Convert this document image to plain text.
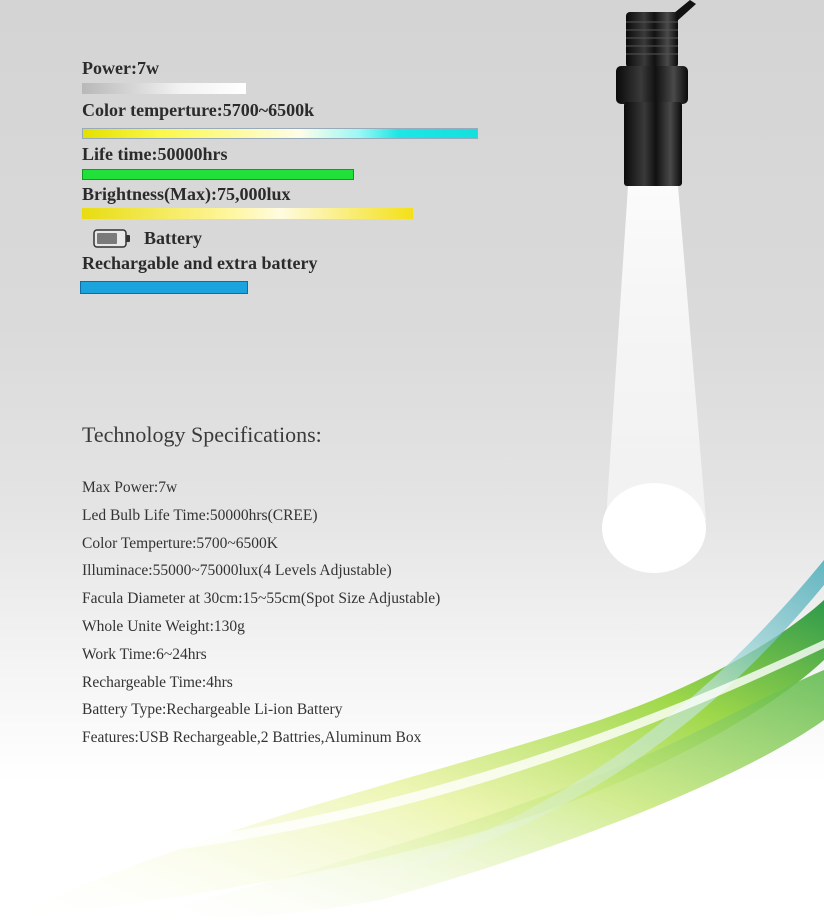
Power:7w
Color temperture:5700~6500k
Life time:50000hrs
Brightness(Max):75,000lux
Battery
Rechargable and extra battery
Technology Specifications:
Max Power:7w
Led Bulb Life Time:50000hrs(CREE)
Color Temperture:5700~6500K
Illuminace:55000~75000lux(4 Levels Adjustable)
Facula Diameter at 30cm:15~55cm(Spot Size Adjustable)
Whole Unite Weight:130g
Work Time:6~24hrs
Rechargeable Time:4hrs
Battery Type:Rechargeable Li-ion Battery
Features:USB Rechargeable,2 Battries,Aluminum Box
